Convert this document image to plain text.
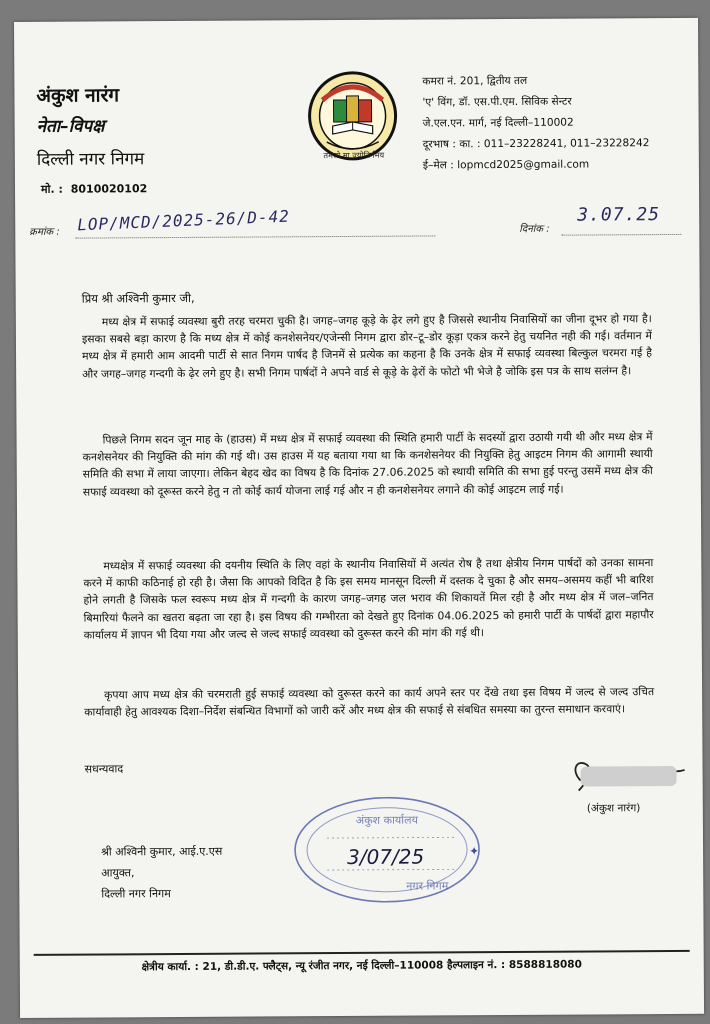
अंकुश नारंग
नेता–विपक्ष
दिल्ली नगर निगम
मो. : 8010020102
तमसो मा ज्योतिर्गमय
कमरा नं. 201, द्वितीय तल
'ए' विंग, डॉ. एस.पी.एम. सिविक सेन्टर
जे.एल.एन. मार्ग, नई दिल्ली–110002
दूरभाष : का. : 011–23228241, 011–23228242
ई–मेल : lopmcd2025@gmail.com
क्रमांक : LOP/MCD/2025-26/D-42	दिनांक :
3.07.25
प्रिय श्री अश्विनी कुमार जी,
मध्य क्षेत्र में सफाई व्यवस्था बुरी तरह चरमरा चुकी है। जगह–जगह कूड़े के ढ़ेर लगे हुए है जिससे स्थानीय निवासियों का जीना दूभर हो गया है। इसका सबसे बड़ा कारण है कि मध्य क्षेत्र में कोई कनशेसनेयर/एजेन्सी निगम द्वारा डोर–टू–डोर कूड़ा एकत्र करने हेतु चयनित नही की गई। वर्तमान में मध्य क्षेत्र में हमारी आम आदमी पार्टी से सात निगम पार्षद है जिनमें से प्रत्येक का कहना है कि उनके क्षेत्र में सफाई व्यवस्था बिल्कुल चरमरा गई है और जगह–जगह गन्दगी के ढ़ेर लगे हुए है। सभी निगम पार्षदों ने अपने वार्ड से कूड़े के ढ़ेरों के फोटो भी भेजे है जोकि इस पत्र के साथ सलंग्न है।
पिछले निगम सदन जून माह के (हाउस) में मध्य क्षेत्र में सफाई व्यवस्था की स्थिति हमारी पार्टी के सदस्यों द्वारा उठायी गयी थी और मध्य क्षेत्र में कनशेसनेयर की नियुक्ति की मांग की गई थी। उस हाउस में यह बताया गया था कि कनशेसनेयर की नियुक्ति हेतु आइटम निगम की आगामी स्थायी समिति की सभा में लाया जाएगा। लेकिन बेहद खेद का विषय है कि दिनांक 27.06.2025 को स्थायी समिति की सभा हुई परन्तु उसमें मध्य क्षेत्र की सफाई व्यवस्था को दूरूस्त करने हेतु न तो कोई कार्य योजना लाई गई और न ही कनशेसनेयर लगाने की कोई आइटम लाई गई।
मध्यक्षेत्र में सफाई व्यवस्था की दयनीय स्थिति के लिए वहां के स्थानीय निवासियों में अत्यंत रोष है तथा क्षेत्रीय निगम पार्षदों को उनका सामना करने में काफी कठिनाई हो रही है। जैसा कि आपको विदित है कि इस समय मानसून दिल्ली में दस्तक दे चुका है और समय–असमय कहीं भी बारिश होने लगती है जिसके फल स्वरूप मध्य क्षेत्र में गन्दगी के कारण जगह–जगह जल भराव की शिकायतें मिल रही है और मध्य क्षेत्र में जल–जनित बिमारियां फैलने का खतरा बढ़ता जा रहा है। इस विषय की गम्भीरता को देखते हुए दिनांक 04.06.2025 को हमारी पार्टी के पार्षदों द्वारा महापौर कार्यालय में ज्ञापन भी दिया गया और जल्द से जल्द सफाई व्यवस्था को दुरूस्त करने की मांग की गई थी।
कृपया आप मध्य क्षेत्र की चरमराती हुई सफाई व्यवस्था को दुरूस्त करने का कार्य अपने स्तर पर देंखे तथा इस विषय में जल्द से जल्द उचित कार्यावाही हेतु आवश्यक दिशा–निर्देश संबन्धित विभागों को जारी करें और मध्य क्षेत्र की सफाई से संबधित समस्या का तुरन्त समाधान करवाएं।
सधन्यवाद
(अंकुश नारंग)
अंकुश कार्यालय
3/07/25
नगर निगम
✦
श्री अश्विनी कुमार, आई.ए.एस
आयुक्त,
दिल्ली नगर निगम
क्षेत्रीय कार्या. : 21, डी.डी.ए. फ्लैट्स, न्यू रंजीत नगर, नई दिल्ली–110008 हैल्पलाइन नं. : 8588818080
